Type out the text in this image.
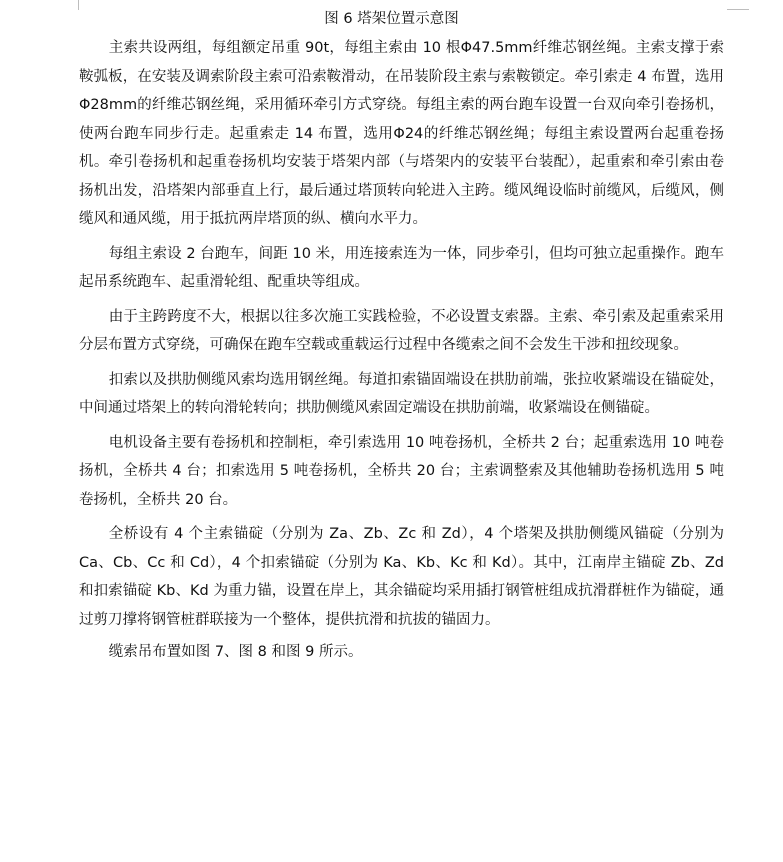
图 6 塔架位置示意图

主索共设两组，每组额定吊重 90t，每组主索由 10 根Φ47.5mm纤维芯钢丝绳。主索支撑于索鞍弧板，在安装及调索阶段主索可沿索鞍滑动，在吊装阶段主索与索鞍锁定。牵引索走 4 布置，选用Φ28mm的纤维芯钢丝绳，采用循环牵引方式穿绕。每组主索的两台跑车设置一台双向牵引卷扬机，使两台跑车同步行走。起重索走 14 布置，选用Φ24的纤维芯钢丝绳；每组主索设置两台起重卷扬机。牵引卷扬机和起重卷扬机均安装于塔架内部（与塔架内的安装平台装配），起重索和牵引索由卷扬机出发，沿塔架内部垂直上行，最后通过塔顶转向轮进入主跨。缆风绳设临时前缆风，后缆风，侧缆风和通风缆，用于抵抗两岸塔顶的纵、横向水平力。

每组主索设 2 台跑车，间距 10 米，用连接索连为一体，同步牵引，但均可独立起重操作。跑车起吊系统跑车、起重滑轮组、配重块等组成。

由于主跨跨度不大，根据以往多次施工实践检验，不必设置支索器。主索、牵引索及起重索采用分层布置方式穿绕，可确保在跑车空载或重载运行过程中各缆索之间不会发生干涉和扭绞现象。

扣索以及拱肋侧缆风索均选用钢丝绳。每道扣索锚固端设在拱肋前端，张拉收紧端设在锚碇处，中间通过塔架上的转向滑轮转向；拱肋侧缆风索固定端设在拱肋前端，收紧端设在侧锚碇。

电机设备主要有卷扬机和控制柜，牵引索选用 10 吨卷扬机，全桥共 2 台；起重索选用 10 吨卷扬机，全桥共 4 台；扣索选用 5 吨卷扬机，全桥共 20 台；主索调整索及其他辅助卷扬机选用 5 吨卷扬机，全桥共 20 台。

全桥设有 4 个主索锚碇（分别为 Za、Zb、Zc 和 Zd），4 个塔架及拱肋侧缆风锚碇（分别为 Ca、Cb、Cc 和 Cd），4 个扣索锚碇（分别为 Ka、Kb、Kc 和 Kd）。其中，江南岸主锚碇 Zb、Zd 和扣索锚碇 Kb、Kd 为重力锚，设置在岸上，其余锚碇均采用插打钢管桩组成抗滑群桩作为锚碇，通过剪刀撑将钢管桩群联接为一个整体，提供抗滑和抗拔的锚固力。

缆索吊布置如图 7、图 8 和图 9 所示。
